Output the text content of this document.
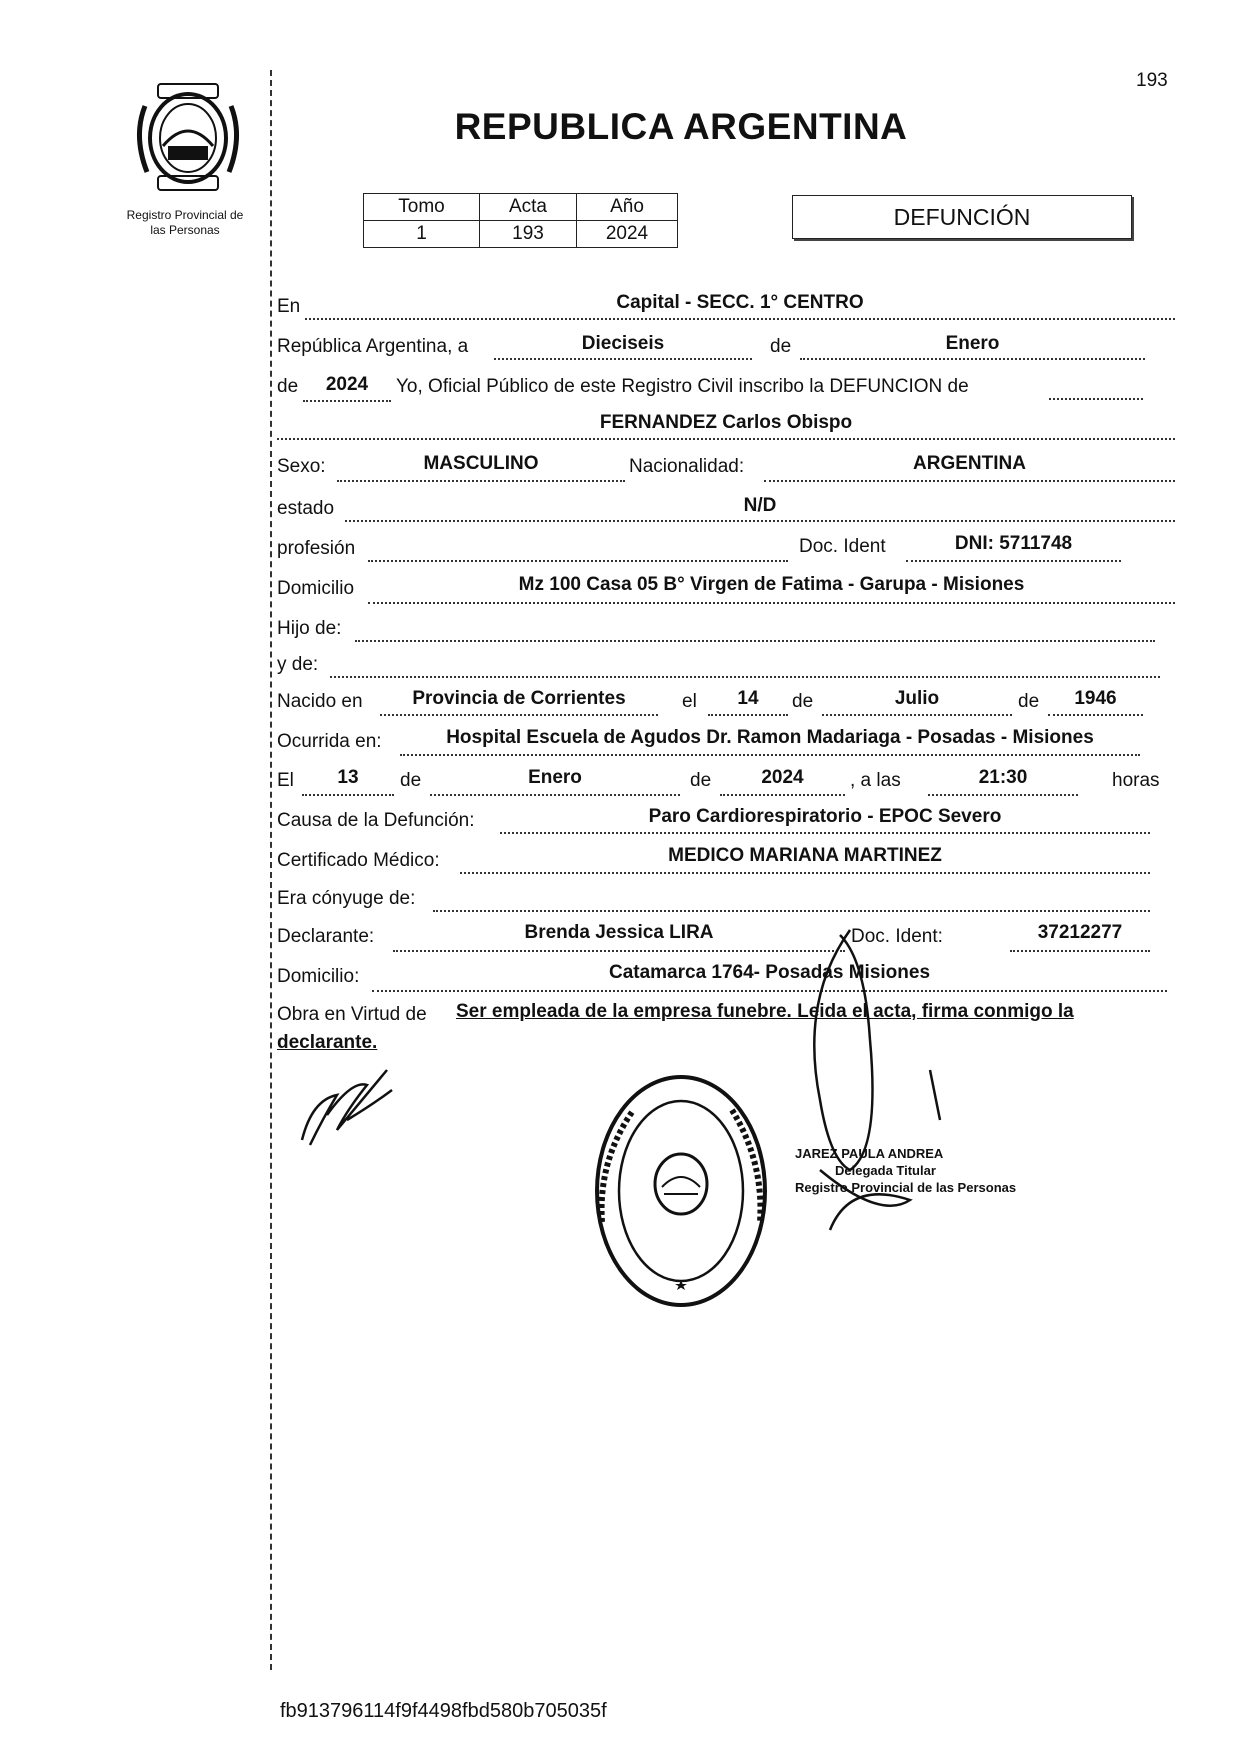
193
Registro Provincial de
las Personas
REPUBLICA ARGENTINA
Tomo	Acta	Año
1	193	2024
DEFUNCIÓN
En	Capital - SECC. 1° CENTRO
República Argentina, a	Dieciseis	de	Enero
de	2024	Yo, Oficial Público de este Registro Civil inscribo la DEFUNCION de
FERNANDEZ Carlos Obispo
Sexo:	MASCULINO	Nacionalidad:	ARGENTINA
estado	N/D
profesión	Doc. Ident	DNI: 5711748
Domicilio	Mz 100 Casa 05 B° Virgen de Fatima - Garupa - Misiones
Hijo de:
y de:
Nacido en	Provincia de Corrientes	el	14	de	Julio	de	1946
Ocurrida en:	Hospital Escuela de Agudos Dr. Ramon Madariaga - Posadas - Misiones
El	13	de	Enero	de	2024	, a las	21:30	horas
Causa de la Defunción:	Paro Cardiorespiratorio - EPOC Severo
Certificado Médico:	MEDICO MARIANA MARTINEZ
Era cónyuge de:
Declarante:	Brenda Jessica LIRA	Doc. Ident:	37212277
Domicilio:	Catamarca 1764- Posadas Misiones
Obra en Virtud de Ser empleada de la empresa funebre. Leida el acta, firma conmigo la
declarante.
JAREZ PAULA ANDREA
Delegada Titular
Registro Provincial de las Personas
fb913796114f9f4498fbd580b705035f
